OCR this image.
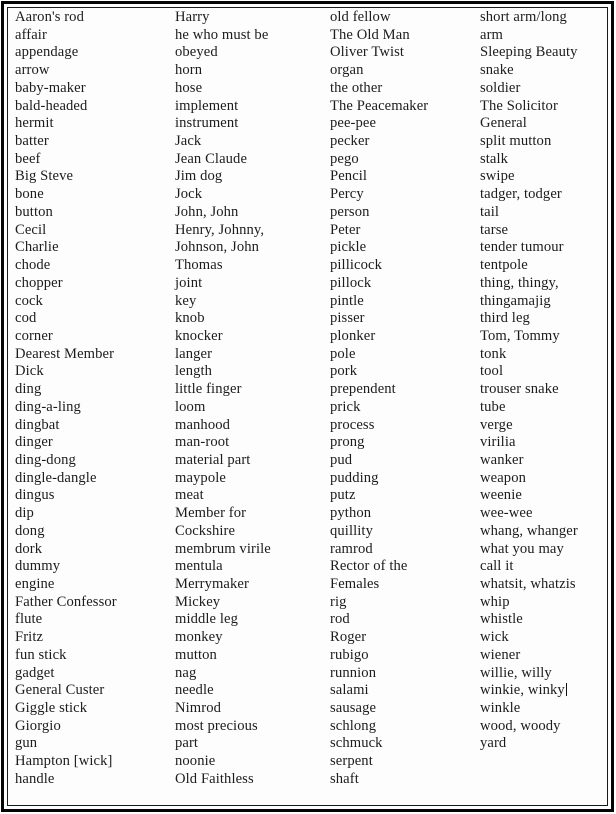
Aaron's rod
affair
appendage
arrow
baby-maker
bald-headed
hermit
batter
beef
Big Steve
bone
button
Cecil
Charlie
chode
chopper
cock
cod
corner
Dearest Member
Dick
ding
ding-a-ling
dingbat
dinger
ding-dong
dingle-dangle
dingus
dip
dong
dork
dummy
engine
Father Confessor
flute
Fritz
fun stick
gadget
General Custer
Giggle stick
Giorgio
gun
Hampton [wick]
handle
Harry
he who must be
obeyed
horn
hose
implement
instrument
Jack
Jean Claude
Jim dog
Jock
John, John
Henry, Johnny,
Johnson, John
Thomas
joint
key
knob
knocker
langer
length
little finger
loom
manhood
man-root
material part
maypole
meat
Member for
Cockshire
membrum virile
mentula
Merrymaker
Mickey
middle leg
monkey
mutton
nag
needle
Nimrod
most precious
part
noonie
Old Faithless
old fellow
The Old Man
Oliver Twist
organ
the other
The Peacemaker
pee-pee
pecker
pego
Pencil
Percy
person
Peter
pickle
pillicock
pillock
pintle
pisser
plonker
pole
pork
prependent
prick
process
prong
pud
pudding
putz
python
quillity
ramrod
Rector of the
Females
rig
rod
Roger
rubigo
runnion
salami
sausage
schlong
schmuck
serpent
shaft
short arm/long
arm
Sleeping Beauty
snake
soldier
The Solicitor
General
split mutton
stalk
swipe
tadger, todger
tail
tarse
tender tumour
tentpole
thing, thingy,
thingamajig
third leg
Tom, Tommy
tonk
tool
trouser snake
tube
verge
virilia
wanker
weapon
weenie
wee-wee
whang, whanger
what you may
call it
whatsit, whatzis
whip
whistle
wick
wiener
willie, willy
winkie, winky
winkle
wood, woody
yard
